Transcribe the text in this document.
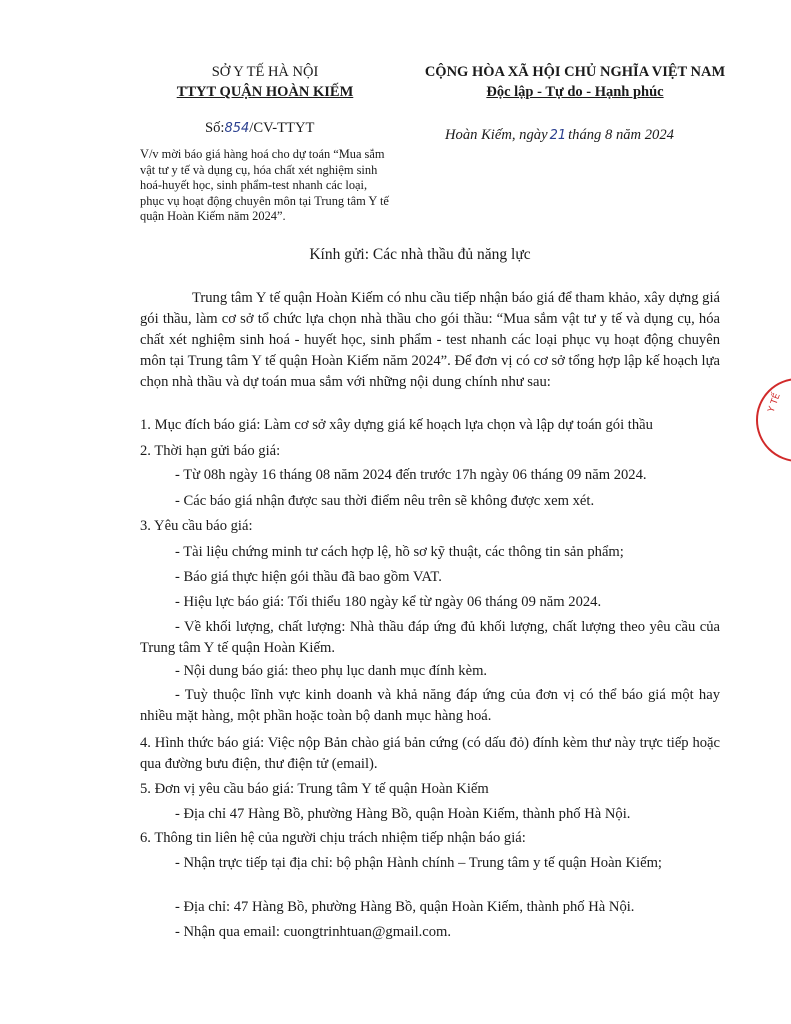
SỞ Y TẾ HÀ NỘI
TTYT QUẬN HOÀN KIẾM
CỘNG HÒA XÃ HỘI CHỦ NGHĨA VIỆT NAM
Độc lập - Tự do - Hạnh phúc
Số:854/CV-TTYT	Hoàn Kiếm, ngày 21 tháng 8 năm 2024
V/v mời báo giá hàng hoá cho dự toán “Mua sắm
vật tư y tế và dụng cụ, hóa chất xét nghiệm sinh
hoá-huyết học, sinh phẩm-test nhanh các loại,
phục vụ hoạt động chuyên môn tại Trung tâm Y tế
quận Hoàn Kiếm năm 2024”.
Kính gửi: Các nhà thầu đủ năng lực
Trung tâm Y tế quận Hoàn Kiếm có nhu cầu tiếp nhận báo giá để tham khảo, xây dựng giá gói thầu, làm cơ sở tổ chức lựa chọn nhà thầu cho gói thầu: “Mua sắm vật tư y tế và dụng cụ, hóa chất xét nghiệm sinh hoá - huyết học, sinh phẩm - test nhanh các loại phục vụ hoạt động chuyên môn tại Trung tâm Y tế quận Hoàn Kiếm năm 2024”. Để đơn vị có cơ sở tổng hợp lập kế hoạch lựa chọn nhà thầu và dự toán mua sắm với những nội dung chính như sau:
1. Mục đích báo giá: Làm cơ sở xây dựng giá kế hoạch lựa chọn và lập dự toán gói thầu
2. Thời hạn gửi báo giá:
- Từ 08h ngày 16 tháng 08 năm 2024 đến trước 17h ngày 06 tháng 09 năm 2024.
- Các báo giá nhận được sau thời điểm nêu trên sẽ không được xem xét.
3. Yêu cầu báo giá:
- Tài liệu chứng minh tư cách hợp lệ, hồ sơ kỹ thuật, các thông tin sản phẩm;
- Báo giá thực hiện gói thầu đã bao gồm VAT.
- Hiệu lực báo giá: Tối thiểu 180 ngày kể từ ngày 06 tháng 09 năm 2024.
- Về khối lượng, chất lượng: Nhà thầu đáp ứng đủ khối lượng, chất lượng theo yêu cầu của Trung tâm Y tế quận Hoàn Kiếm.
- Nội dung báo giá: theo phụ lục danh mục đính kèm.
- Tuỳ thuộc lĩnh vực kinh doanh và khả năng đáp ứng của đơn vị có thể báo giá một hay nhiều mặt hàng, một phần hoặc toàn bộ danh mục hàng hoá.
4. Hình thức báo giá: Việc nộp Bản chào giá bản cứng (có dấu đỏ) đính kèm thư này trực tiếp hoặc qua đường bưu điện, thư điện tử (email).
5. Đơn vị yêu cầu báo giá: Trung tâm Y tế quận Hoàn Kiếm
- Địa chỉ 47 Hàng Bồ, phường Hàng Bồ, quận Hoàn Kiếm, thành phố Hà Nội.
6. Thông tin liên hệ của người chịu trách nhiệm tiếp nhận báo giá:
- Nhận trực tiếp tại địa chỉ: bộ phận Hành chính – Trung tâm y tế quận Hoàn Kiếm;
- Địa chỉ: 47 Hàng Bồ, phường Hàng Bồ, quận Hoàn Kiếm, thành phố Hà Nội.
- Nhận qua email: cuongtrinhtuan@gmail.com.
Y TẾ
